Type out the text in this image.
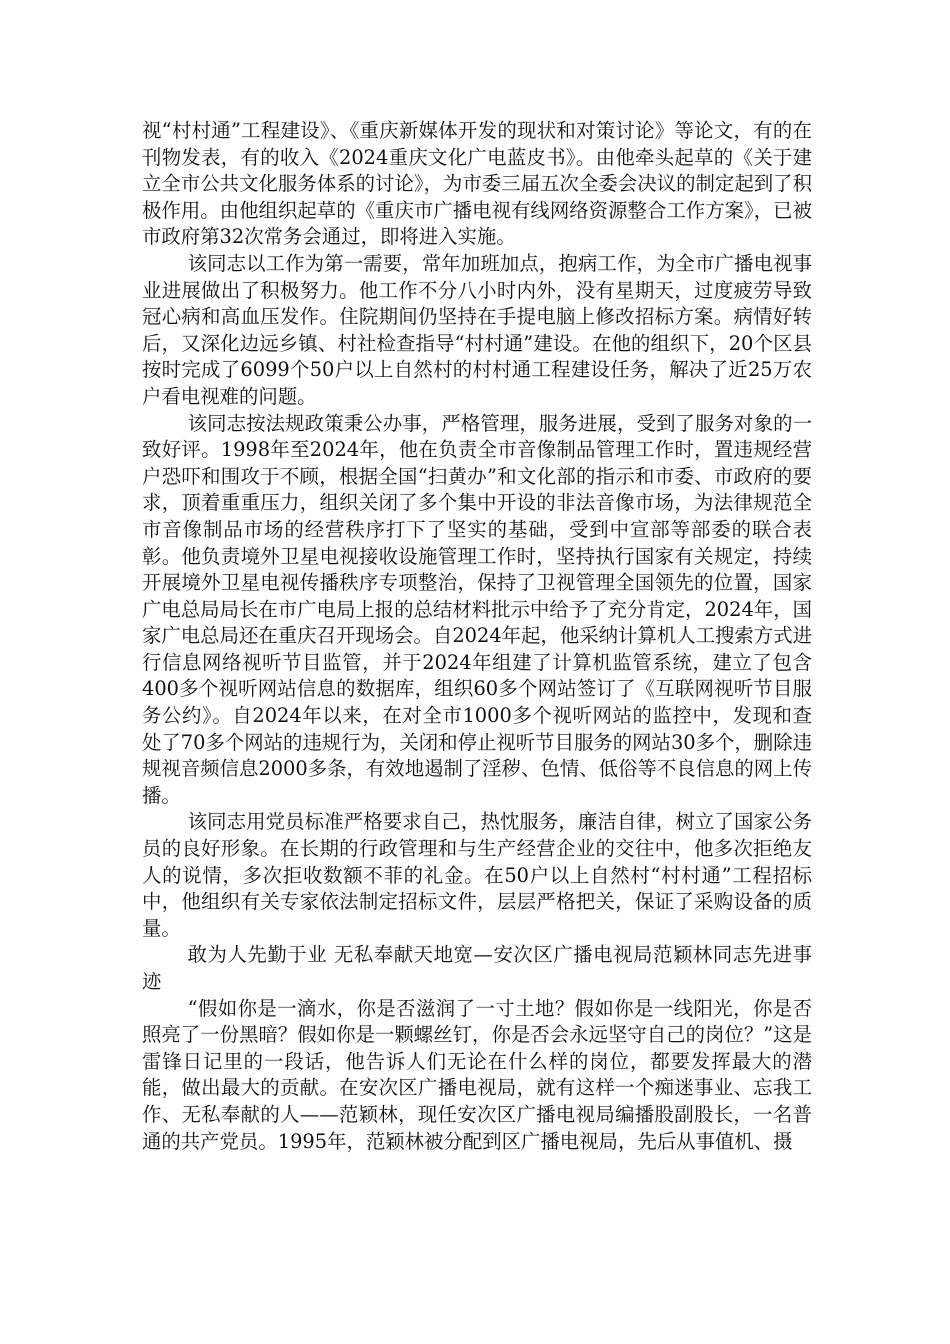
视“村村通”工程建设》、《重庆新媒体开发的现状和对策讨论》等论文，有的在刊物发表，有的收入《2024重庆文化广电蓝皮书》。由他牵头起草的《关于建立全市公共文化服务体系的讨论》，为市委三届五次全委会决议的制定起到了积极作用。由他组织起草的《重庆市广播电视有线网络资源整合工作方案》，已被市政府第32次常务会通过，即将进入实施。

该同志以工作为第一需要，常年加班加点，抱病工作，为全市广播电视事业进展做出了积极努力。他工作不分八小时内外，没有星期天，过度疲劳导致冠心病和高血压发作。住院期间仍坚持在手提电脑上修改招标方案。病情好转后，又深化边远乡镇、村社检查指导“村村通”建设。在他的组织下，20个区县按时完成了6099个50户以上自然村的村村通工程建设任务，解决了近25万农户看电视难的问题。

该同志按法规政策秉公办事，严格管理，服务进展，受到了服务对象的一致好评。1998年至2024年，他在负责全市音像制品管理工作时，置违规经营户恐吓和围攻于不顾，根据全国“扫黄办”和文化部的指示和市委、市政府的要求，顶着重重压力，组织关闭了多个集中开设的非法音像市场，为法律规范全市音像制品市场的经营秩序打下了坚实的基础，受到中宣部等部委的联合表彰。他负责境外卫星电视接收设施管理工作时，坚持执行国家有关规定，持续开展境外卫星电视传播秩序专项整治，保持了卫视管理全国领先的位置，国家广电总局局长在市广电局上报的总结材料批示中给予了充分肯定，2024年，国家广电总局还在重庆召开现场会。自2024年起，他采纳计算机人工搜索方式进行信息网络视听节目监管，并于2024年组建了计算机监管系统，建立了包含400多个视听网站信息的数据库，组织60多个网站签订了《互联网视听节目服务公约》。自2024年以来，在对全市1000多个视听网站的监控中，发现和查处了70多个网站的违规行为，关闭和停止视听节目服务的网站30多个，删除违规视音频信息2000多条，有效地遏制了淫秽、色情、低俗等不良信息的网上传播。

该同志用党员标准严格要求自己，热忱服务，廉洁自律，树立了国家公务员的良好形象。在长期的行政管理和与生产经营企业的交往中，他多次拒绝友人的说情，多次拒收数额不菲的礼金。在50户以上自然村“村村通”工程招标中，他组织有关专家依法制定招标文件，层层严格把关，保证了采购设备的质量。

敢为人先勤于业 无私奉献天地宽—安次区广播电视局范颖林同志先进事迹

“假如你是一滴水，你是否滋润了一寸土地？假如你是一线阳光，你是否照亮了一份黑暗？假如你是一颗螺丝钉，你是否会永远坚守自己的岗位？”这是雷锋日记里的一段话，他告诉人们无论在什么样的岗位，都要发挥最大的潜能，做出最大的贡献。在安次区广播电视局，就有这样一个痴迷事业、忘我工作、无私奉献的人——范颖林，现任安次区广播电视局编播股副股长，一名普通的共产党员。1995年，范颖林被分配到区广播电视局，先后从事值机、摄
